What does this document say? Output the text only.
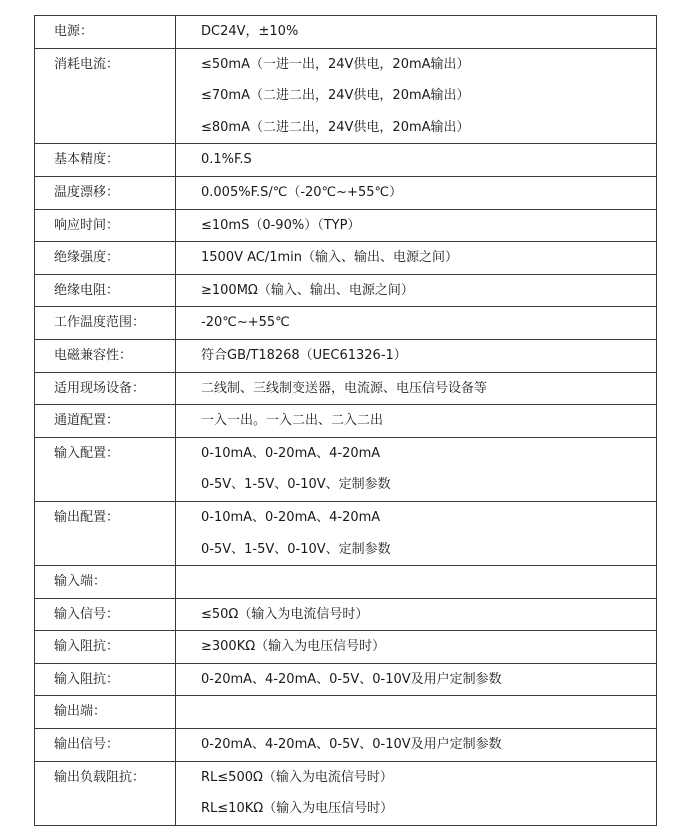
电源：	DC24V，±10%

消耗电流：	≤50mA（一进一出，24V供电，20mA输出）
≤70mA（二进二出，24V供电，20mA输出）
≤80mA（二进二出，24V供电，20mA输出）

基本精度：	0.1%F.S

温度漂移：	0.005%F.S/℃（-20℃~+55℃）

响应时间：	≤10mS（0-90%）（TYP）

绝缘强度：	1500V AC/1min（输入、输出、电源之间）

绝缘电阻：	≥100MΩ（输入、输出、电源之间）

工作温度范围：	-20℃~+55℃

电磁兼容性：	符合GB/T18268（UEC61326-1）

适用现场设备：	二线制、三线制变送器，电流源、电压信号设备等

通道配置：	一入一出。一入二出、二入二出

输入配置：	0-10mA、0-20mA、4-20mA
0-5V、1-5V、0-10V、定制参数

输出配置：	0-10mA、0-20mA、4-20mA
0-5V、1-5V、0-10V、定制参数

输入端：	

输入信号：	≤50Ω（输入为电流信号时）

输入阻抗：	≥300KΩ（输入为电压信号时）

输入阻抗：	0-20mA、4-20mA、0-5V、0-10V及用户定制参数

输出端：	

输出信号：	0-20mA、4-20mA、0-5V、0-10V及用户定制参数

输出负载阻抗：	RL≤500Ω（输入为电流信号时）
RL≤10KΩ（输入为电压信号时）
